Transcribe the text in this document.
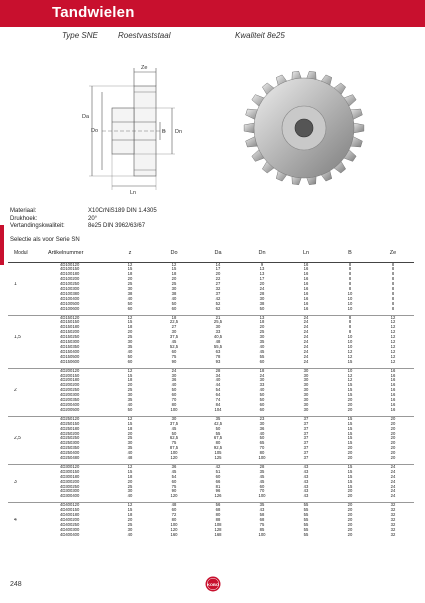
Tandwielen
Type SNE	Roestvaststaal	Kwaliteit 8e25
Ze
Da
Do	B Dn
Ln
Materiaal:	X10CrNiS189 DIN 1.4305
Drukhoek:	20°
Vertandingskwaliteit:	8e25 DIN 3962/63/67
Selectie als voor Serie SN
Modul	Artikelnummer	z	Do	Da	Dn	Ln	B	Ze
	4D100120	12	12	14	9	16	8	8
	4D100150	15	15	17	13	16	8	8
	4D100180	18	18	20	13	16	8	8
	4D100200	20	20	22	17	16	8	8
1	4D100250	25	25	27	20	16	8	8
	4D100300	30	30	32	24	16	8	8
	4D100380	38	38	37	28	16	10	8
	4D100400	40	40	42	30	16	10	8
	4D100500	50	50	52	38	16	10	8
	4D100600	60	60	62	50	16	10	8

	4D150120	12	18	21	13	24	8	12
	4D150150	15	22,5	25,5	18	24	8	12
	4D150180	18	27	30	20	24	8	12
	4D150200	20	30	33	25	24	8	12
1,5	4D150250	25	37,5	40,5	30	24	10	12
	4D150300	30	45	48	35	24	10	12
	4D150350	35	52,5	55,5	40	24	10	12
	4D150400	40	60	63	45	24	12	12
	4D150500	50	75	78	55	24	12	12
	4D150600	60	90	93	60	24	15	12

	4D200120	12	24	28	18	30	10	16
	4D200150	15	30	34	24	30	12	16
	4D200180	18	36	40	30	30	12	16
	4D200200	20	40	44	33	30	15	16
2	4D200250	25	50	54	40	30	15	16
	4D200300	30	60	64	50	30	15	16
	4D200350	35	70	74	50	30	20	16
	4D200400	40	80	84	60	30	20	16
	4D200500	50	100	104	60	30	20	16

	4D250120	12	30	35	23	37	15	20
	4D250150	15	37,5	42,5	30	37	15	20
	4D250180	18	45	50	36	37	15	20
	4D250200	20	50	55	40	37	15	20
2,5	4D250250	25	62,5	67,5	50	37	15	20
	4D250300	30	75	80	65	37	15	20
	4D250350	35	87,5	92,5	70	37	20	20
	4D250400	40	100	105	80	37	20	20
	4D250480	48	120	125	100	37	20	20

	4D300120	12	36	42	28	43	15	24
	4D300150	15	45	51	35	43	15	24
	4D300180	18	54	60	45	43	15	24
3	4D300200	20	60	66	45	43	15	24
	4D300250	25	75	81	60	43	15	24
	4D300300	30	90	96	70	43	20	24
	4D300400	40	120	126	100	43	20	24

	4D400120	12	48	56	35	55	20	32
	4D400150	15	60	68	43	55	20	32
	4D400180	18	72	80	58	55	20	32
4	4D400200	20	80	88	68	55	20	32
	4D400250	25	100	108	75	55	20	32
	4D400300	30	120	128	85	55	20	32
	4D400400	40	160	168	100	55	20	32
248	KOBO
